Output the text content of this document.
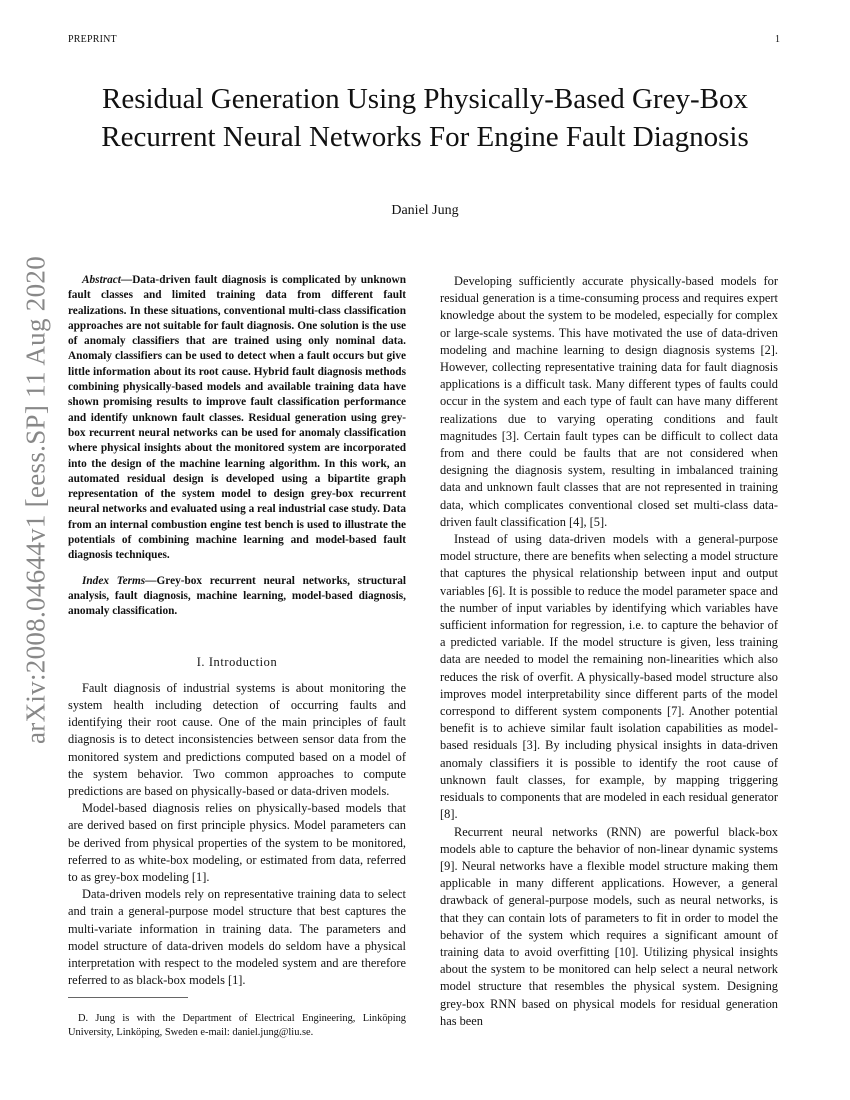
PREPRINT	1
arXiv:2008.04644v1 [eess.SP] 11 Aug 2020
Residual Generation Using Physically-Based Grey-Box Recurrent Neural Networks For Engine Fault Diagnosis
Daniel Jung

Abstract—Data-driven fault diagnosis is complicated by unknown fault classes and limited training data from different fault realizations. In these situations, conventional multi-class classification approaches are not suitable for fault diagnosis. One solution is the use of anomaly classifiers that are trained using only nominal data. Anomaly classifiers can be used to detect when a fault occurs but give little information about its root cause. Hybrid fault diagnosis methods combining physically-based models and available training data have shown promising results to improve fault classification performance and identify unknown fault classes. Residual generation using grey-box recurrent neural networks can be used for anomaly classification where physical insights about the monitored system are incorporated into the design of the machine learning algorithm. In this work, an automated residual design is developed using a bipartite graph representation of the system model to design grey-box recurrent neural networks and evaluated using a real industrial case study. Data from an internal combustion engine test bench is used to illustrate the potentials of combining machine learning and model-based fault diagnosis techniques.

Index Terms—Grey-box recurrent neural networks, structural analysis, fault diagnosis, machine learning, model-based diagnosis, anomaly classification.

I. Introduction

Fault diagnosis of industrial systems is about monitoring the system health including detection of occurring faults and identifying their root cause. One of the main principles of fault diagnosis is to detect inconsistencies between sensor data from the monitored system and predictions computed based on a model of the system behavior. Two common approaches to compute predictions are based on physically-based or data-driven models.

Model-based diagnosis relies on physically-based models that are derived based on first principle physics. Model parameters can be derived from physical properties of the system to be monitored, referred to as white-box modeling, or estimated from data, referred to as grey-box modeling [1].

Data-driven models rely on representative training data to select and train a general-purpose model structure that best captures the multi-variate information in training data. The parameters and model structure of data-driven models do seldom have a physical interpretation with respect to the modeled system and are therefore referred to as black-box models [1].

D. Jung is with the Department of Electrical Engineering, Linköping University, Linköping, Sweden e-mail: daniel.jung@liu.se.

Developing sufficiently accurate physically-based models for residual generation is a time-consuming process and requires expert knowledge about the system to be modeled, especially for complex or large-scale systems. This have motivated the use of data-driven modeling and machine learning to design diagnosis systems [2]. However, collecting representative training data for fault diagnosis applications is a difficult task. Many different types of faults could occur in the system and each type of fault can have many different realizations due to varying operating conditions and fault magnitudes [3]. Certain fault types can be difficult to collect data from and there could be faults that are not considered when designing the diagnosis system, resulting in imbalanced training data and unknown fault classes that are not represented in training data, which complicates conventional closed set multi-class data-driven fault classification [4], [5].

Instead of using data-driven models with a general-purpose model structure, there are benefits when selecting a model structure that captures the physical relationship between input and output variables [6]. It is possible to reduce the model parameter space and the number of input variables by identifying which variables have sufficient information for regression, i.e. to capture the behavior of a predicted variable. If the model structure is given, less training data are needed to model the remaining non-linearities which also reduces the risk of overfit. A physically-based model structure also improves model interpretability since different parts of the model correspond to different system components [7]. Another potential benefit is to achieve similar fault isolation capabilities as model-based residuals [3]. By including physical insights in data-driven anomaly classifiers it is possible to identify the root cause of unknown fault classes, for example, by mapping triggering residuals to components that are modeled in each residual generator [8].

Recurrent neural networks (RNN) are powerful black-box models able to capture the behavior of non-linear dynamic systems [9]. Neural networks have a flexible model structure making them applicable in many different applications. However, a general drawback of general-purpose models, such as neural networks, is that they can contain lots of parameters to fit in order to model the behavior of the system which requires a significant amount of training data to avoid overfitting [10]. Utilizing physical insights about the system to be monitored can help select a neural network model structure that resembles the physical system. Designing grey-box RNN based on physical models for residual generation has been
